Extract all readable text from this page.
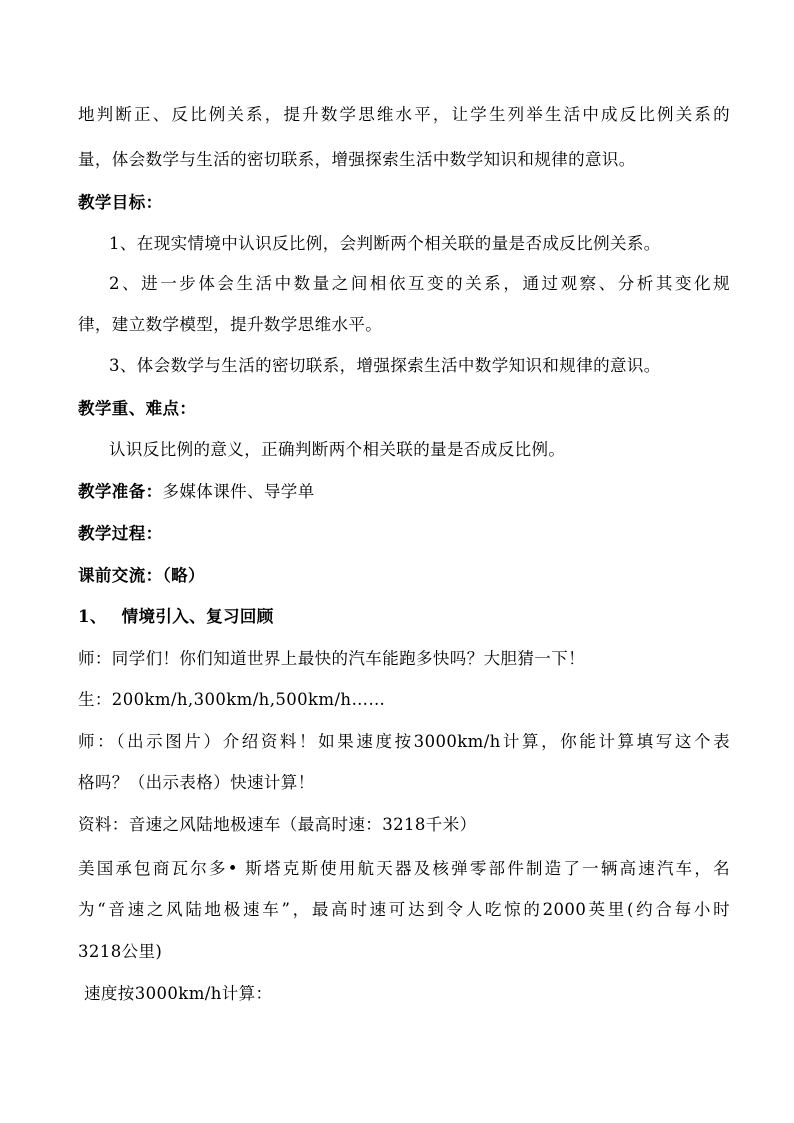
地判断正、反比例关系，提升数学思维水平，让学生列举生活中成反比例关系的
量，体会数学与生活的密切联系，增强探索生活中数学知识和规律的意识。
教学目标：
1、在现实情境中认识反比例，会判断两个相关联的量是否成反比例关系。
2、进一步体会生活中数量之间相依互变的关系，通过观察、分析其变化规
律，建立数学模型，提升数学思维水平。
3、体会数学与生活的密切联系，增强探索生活中数学知识和规律的意识。
教学重、难点：
认识反比例的意义，正确判断两个相关联的量是否成反比例。
教学准备：多媒体课件、导学单
教学过程：
课前交流：（略）
1、　 情境引入、复习回顾
师：同学们！你们知道世界上最快的汽车能跑多快吗？大胆猜一下！
生：200km/h,300km/h,500km/h……
师：（出示图片）介绍资料！如果速度按3000km/h计算，你能计算填写这个表
格吗？（出示表格）快速计算！
资料：音速之风陆地极速车（最高时速：3218千米）
美国承包商瓦尔多• 斯塔克斯使用航天器及核弹零部件制造了一辆高速汽车，名
为“音速之风陆地极速车”，最高时速可达到令人吃惊的2000英里(约合每小时
3218公里)
速度按3000km/h计算：
